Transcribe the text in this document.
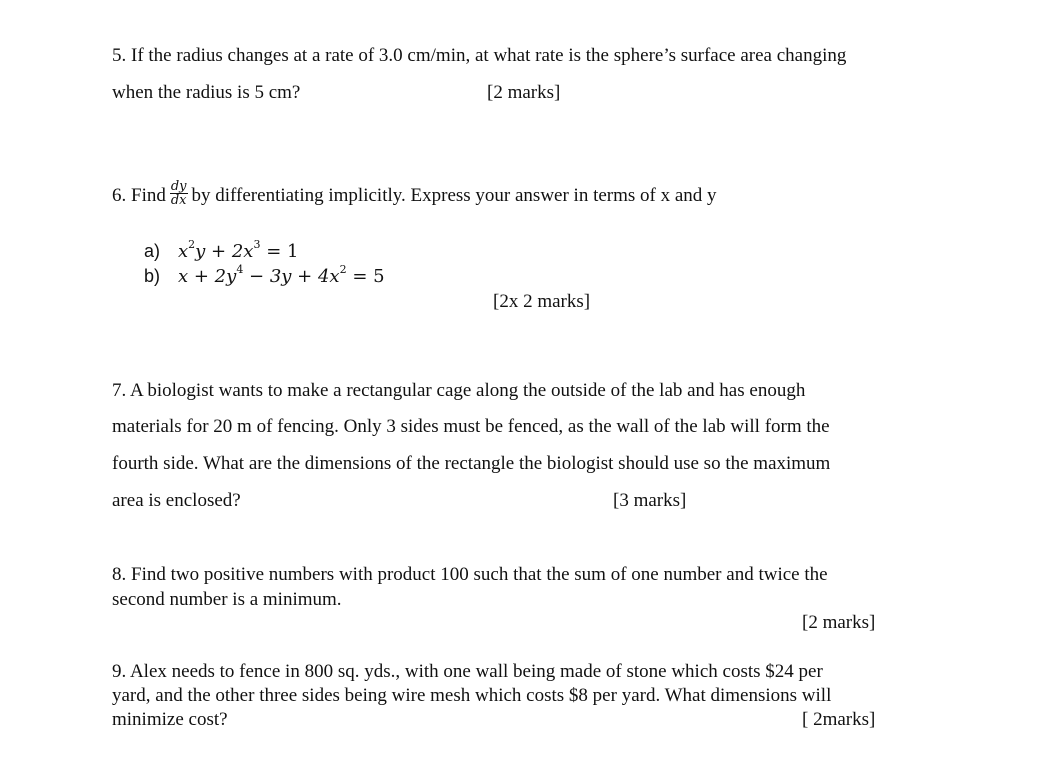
5. If the radius changes at a rate of 3.0 cm/min, at what rate is the sphere’s surface area changing
when the radius is 5 cm?	[2 marks]
6. Find $\frac{dy}{dx}$ by differentiating implicitly. Express your answer in terms of x and y
a) $x^2y + 2x^3 = 1$
b) $x + 2y^4 - 3y + 4x^2 = 5$
[2x 2 marks]
7. A biologist wants to make a rectangular cage along the outside of the lab and has enough
materials for 20 m of fencing. Only 3 sides must be fenced, as the wall of the lab will form the
fourth side. What are the dimensions of the rectangle the biologist should use so the maximum
area is enclosed?	[3 marks]
8. Find two positive numbers with product 100 such that the sum of one number and twice the
second number is a minimum.
[2 marks]
9. Alex needs to fence in 800 sq. yds., with one wall being made of stone which costs $24 per
yard, and the other three sides being wire mesh which costs $8 per yard. What dimensions will
minimize cost?	[ 2marks]
